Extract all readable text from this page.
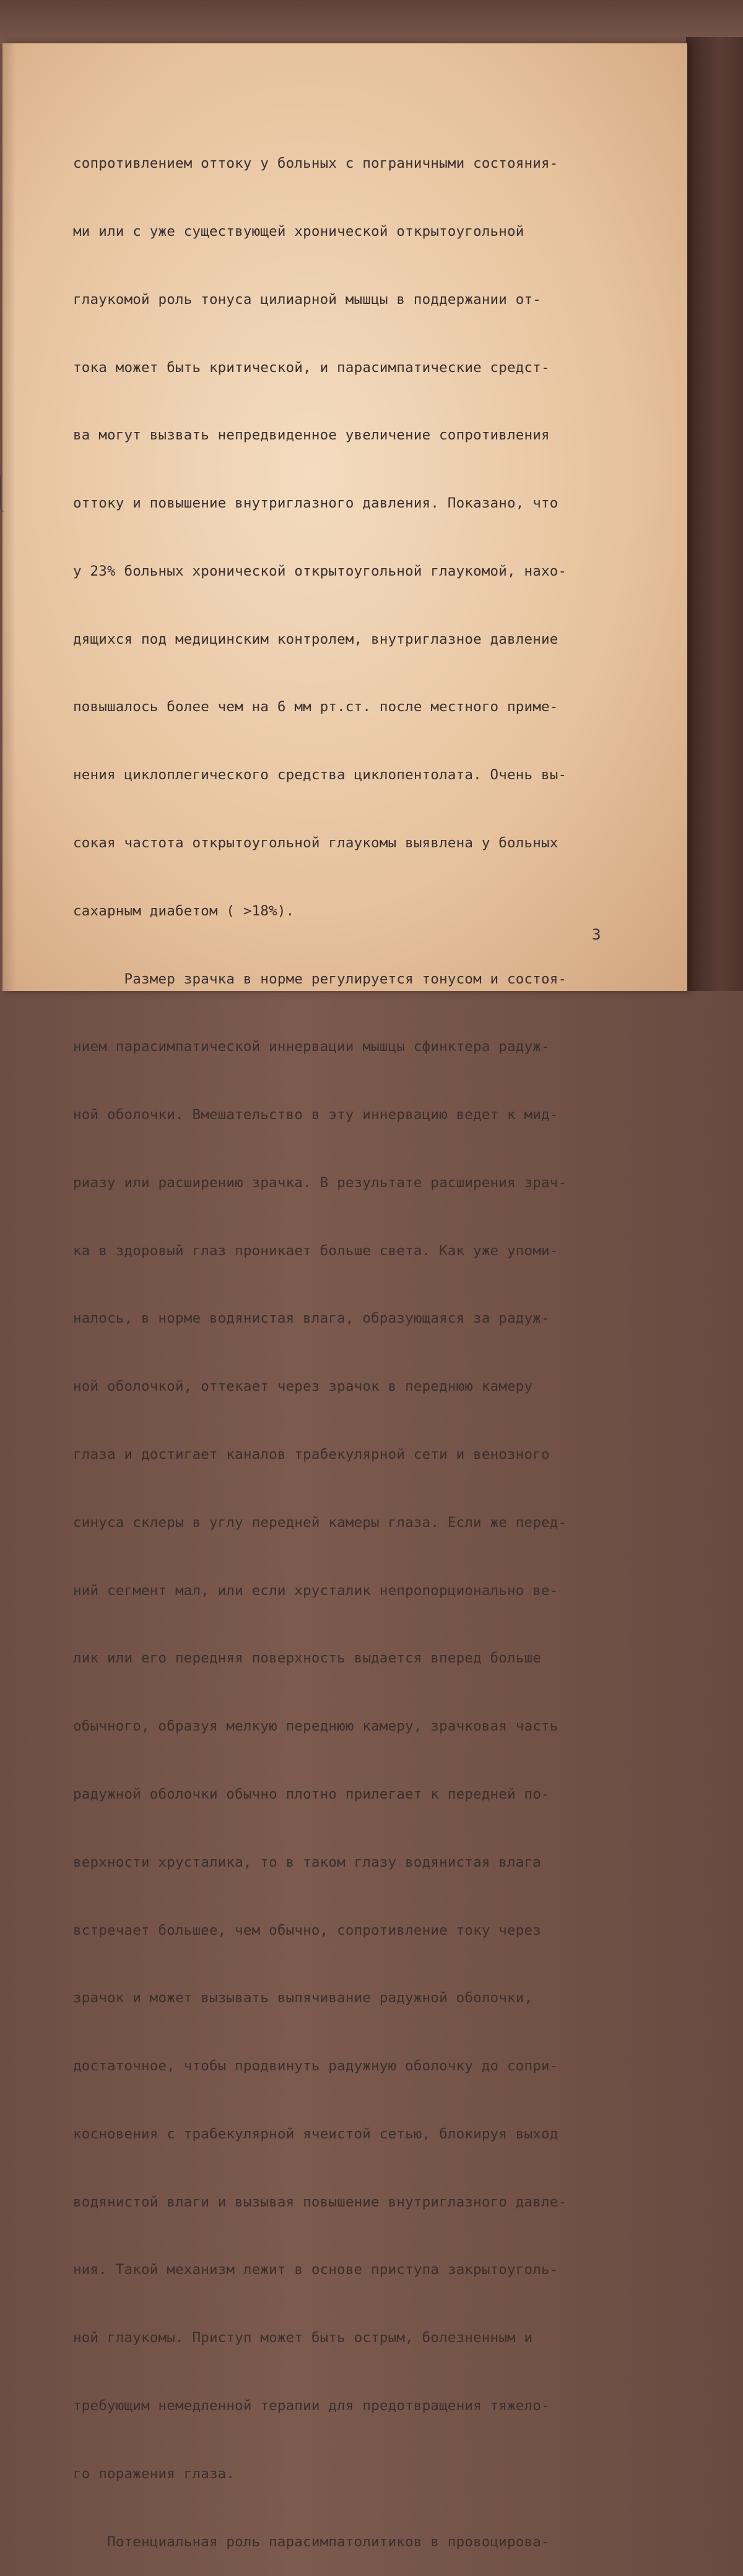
сопротивлением оттоку у больных с пограничными состояния-

ми или с уже существующей хронической открытоугольной

глаукомой роль тонуса цилиарной мышцы в поддержании от-

тока может быть критической, и парасимпатические средст-

ва могут вызвать непредвиденное увеличение сопротивления

оттоку и повышение внутриглазного давления. Показано, что

у 23% больных хронической открытоугольной глаукомой, нахо-

дящихся под медицинским контролем, внутриглазное давление

повышалось более чем на 6 мм рт.ст. после местного приме-

нения циклоплегического средства циклопентолата. Очень вы-

сокая частота открытоугольной глаукомы выявлена у больных

сахарным диабетом ( >18%).

Размер зрачка в норме регулируется тонусом и состоя-

нием парасимпатической иннервации мышцы сфинктера радуж-

ной оболочки. Вмешательство в эту иннервацию ведет к мид-

риазу или расширению зрачка. В результате расширения зрач-

ка в здоровый глаз проникает больше света. Как уже упоми-

налось, в норме водянистая влага, образующаяся за радуж-

ной оболочкой, оттекает через зрачок в переднюю камеру

глаза и достигает каналов трабекулярной сети и венозного

синуса склеры в углу передней камеры глаза. Если же перед-

ний сегмент мал, или если хрусталик непропорционально ве-

лик или его передняя поверхность выдается вперед больше

обычного, образуя мелкую переднюю камеру, зрачковая часть

радужной оболочки обычно плотно прилегает к передней по-

верхности хрусталика, то в таком глазу водянистая влага

встречает большее, чем обычно, сопротивление току через

зрачок и может вызывать выпячивание радужной оболочки,

достаточное, чтобы продвинуть радужную оболочку до сопри-

косновения с трабекулярной ячеистой сетью, блокируя выход

водянистой влаги и вызывая повышение внутриглазного давле-

ния. Такой механизм лежит в основе приступа закрытоуголь-

ной глаукомы. Приступ может быть острым, болезненным и

требующим немедленной терапии для предотвращения тяжело-

го поражения глаза.

Потенциальная роль парасимпатолитиков в провоцирова-

3
